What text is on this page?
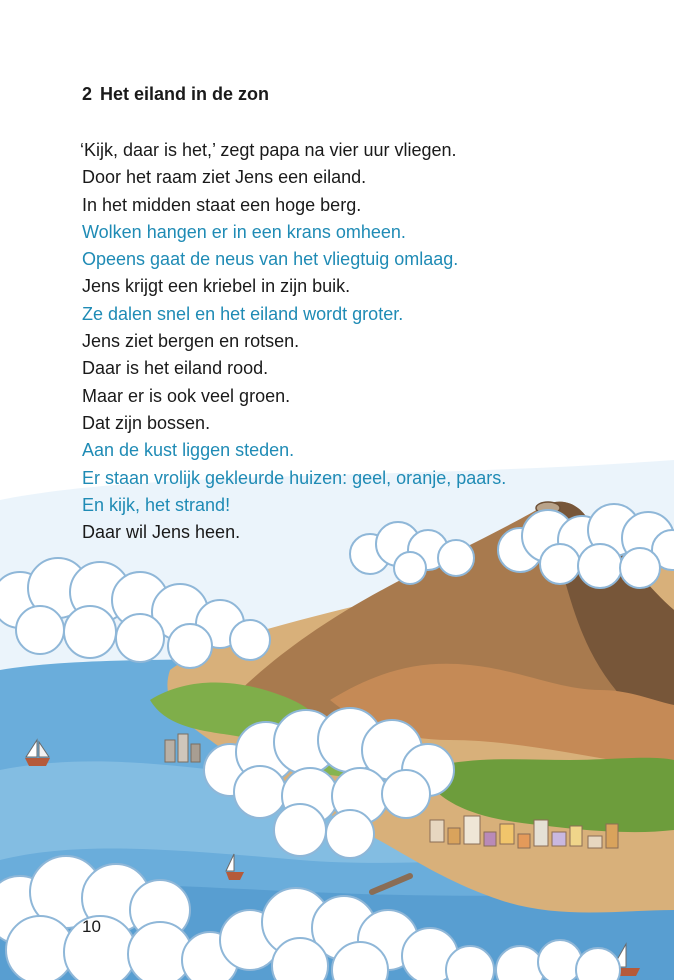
2 Het eiland in de zon
‘Kijk, daar is het,’ zegt papa na vier uur vliegen.
Door het raam ziet Jens een eiland.
In het midden staat een hoge berg.
Wolken hangen er in een krans omheen.
Opeens gaat de neus van het vliegtuig omlaag.
Jens krijgt een kriebel in zijn buik.
Ze dalen snel en het eiland wordt groter.
Jens ziet bergen en rotsen.
Daar is het eiland rood.
Maar er is ook veel groen.
Dat zijn bossen.
Aan de kust liggen steden.
Er staan vrolijk gekleurde huizen: geel, oranje, paars.
En kijk, het strand!
Daar wil Jens heen.
10
